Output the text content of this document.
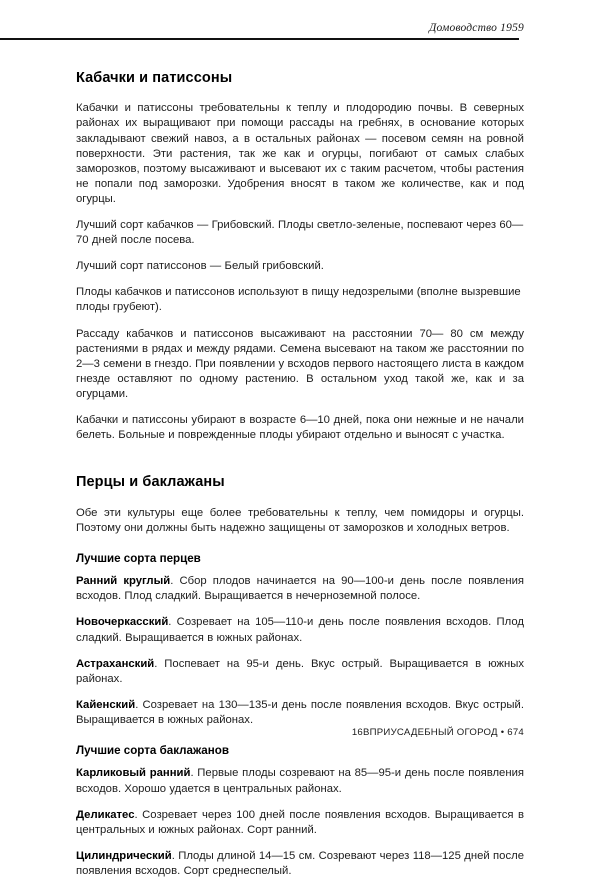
Домоводство 1959
Кабачки и патиссоны

Кабачки и патиссоны требовательны к теплу и плодородию почвы. В северных районах их выращивают при помощи рассады на гребнях, в основание которых закладывают свежий навоз, а в остальных районах — посевом семян на ровной поверхности. Эти растения, так же как и огурцы, погибают от самых слабых заморозков, поэтому высаживают и высевают их с таким расчетом, чтобы растения не попали под заморозки. Удобрения вносят в таком же количестве, как и под огурцы.

Лучший сорт кабачков — Грибовский. Плоды светло-зеленые, поспевают через 60—70 дней после посева.

Лучший сорт патиссонов — Белый грибовский.

Плоды кабачков и патиссонов используют в пищу недозрелыми (вполне вызревшие плоды грубеют).

Рассаду кабачков и патиссонов высаживают на расстоянии 70— 80 см между растениями в рядах и между рядами. Семена высевают на таком же расстоянии по 2—3 семени в гнездо. При появлении у всходов первого настоящего листа в каждом гнезде оставляют по одному растению. В остальном уход такой же, как и за огурцами.

Кабачки и патиссоны убирают в возрасте 6—10 дней, пока они нежные и не начали белеть. Больные и поврежденные плоды убирают отдельно и выносят с участка.

Перцы и баклажаны

Обе эти культуры еще более требовательны к теплу, чем помидоры и огурцы. Поэтому они должны быть надежно защищены от заморозков и холодных ветров.

Лучшие сорта перцев

Ранний круглый. Сбор плодов начинается на 90—100-и день после появления всходов. Плод сладкий. Выращивается в нечерноземной полосе.

Новочеркасский. Созревает на 105—110-и день после появления всходов. Плод сладкий. Выращивается в южных районах.

Астраханский. Поспевает на 95-и день. Вкус острый. Выращивается в южных районах.

Кайенский. Созревает на 130—135-и день после появления всходов. Вкус острый. Выращивается в южных районах.

Лучшие сорта баклажанов

Карликовый ранний. Первые плоды созревают на 85—95-и день после появления всходов. Хорошо удается в центральных районах.

Деликатес. Созревает через 100 дней после появления всходов. Выращивается в центральных и южных районах. Сорт ранний.

Цилиндрический. Плоды длиной 14—15 см. Созревают через 118—125 дней после появления всходов. Сорт среднеспелый.

16ВПРИУСАДЕБНЫЙ ОГОРОД • 674
